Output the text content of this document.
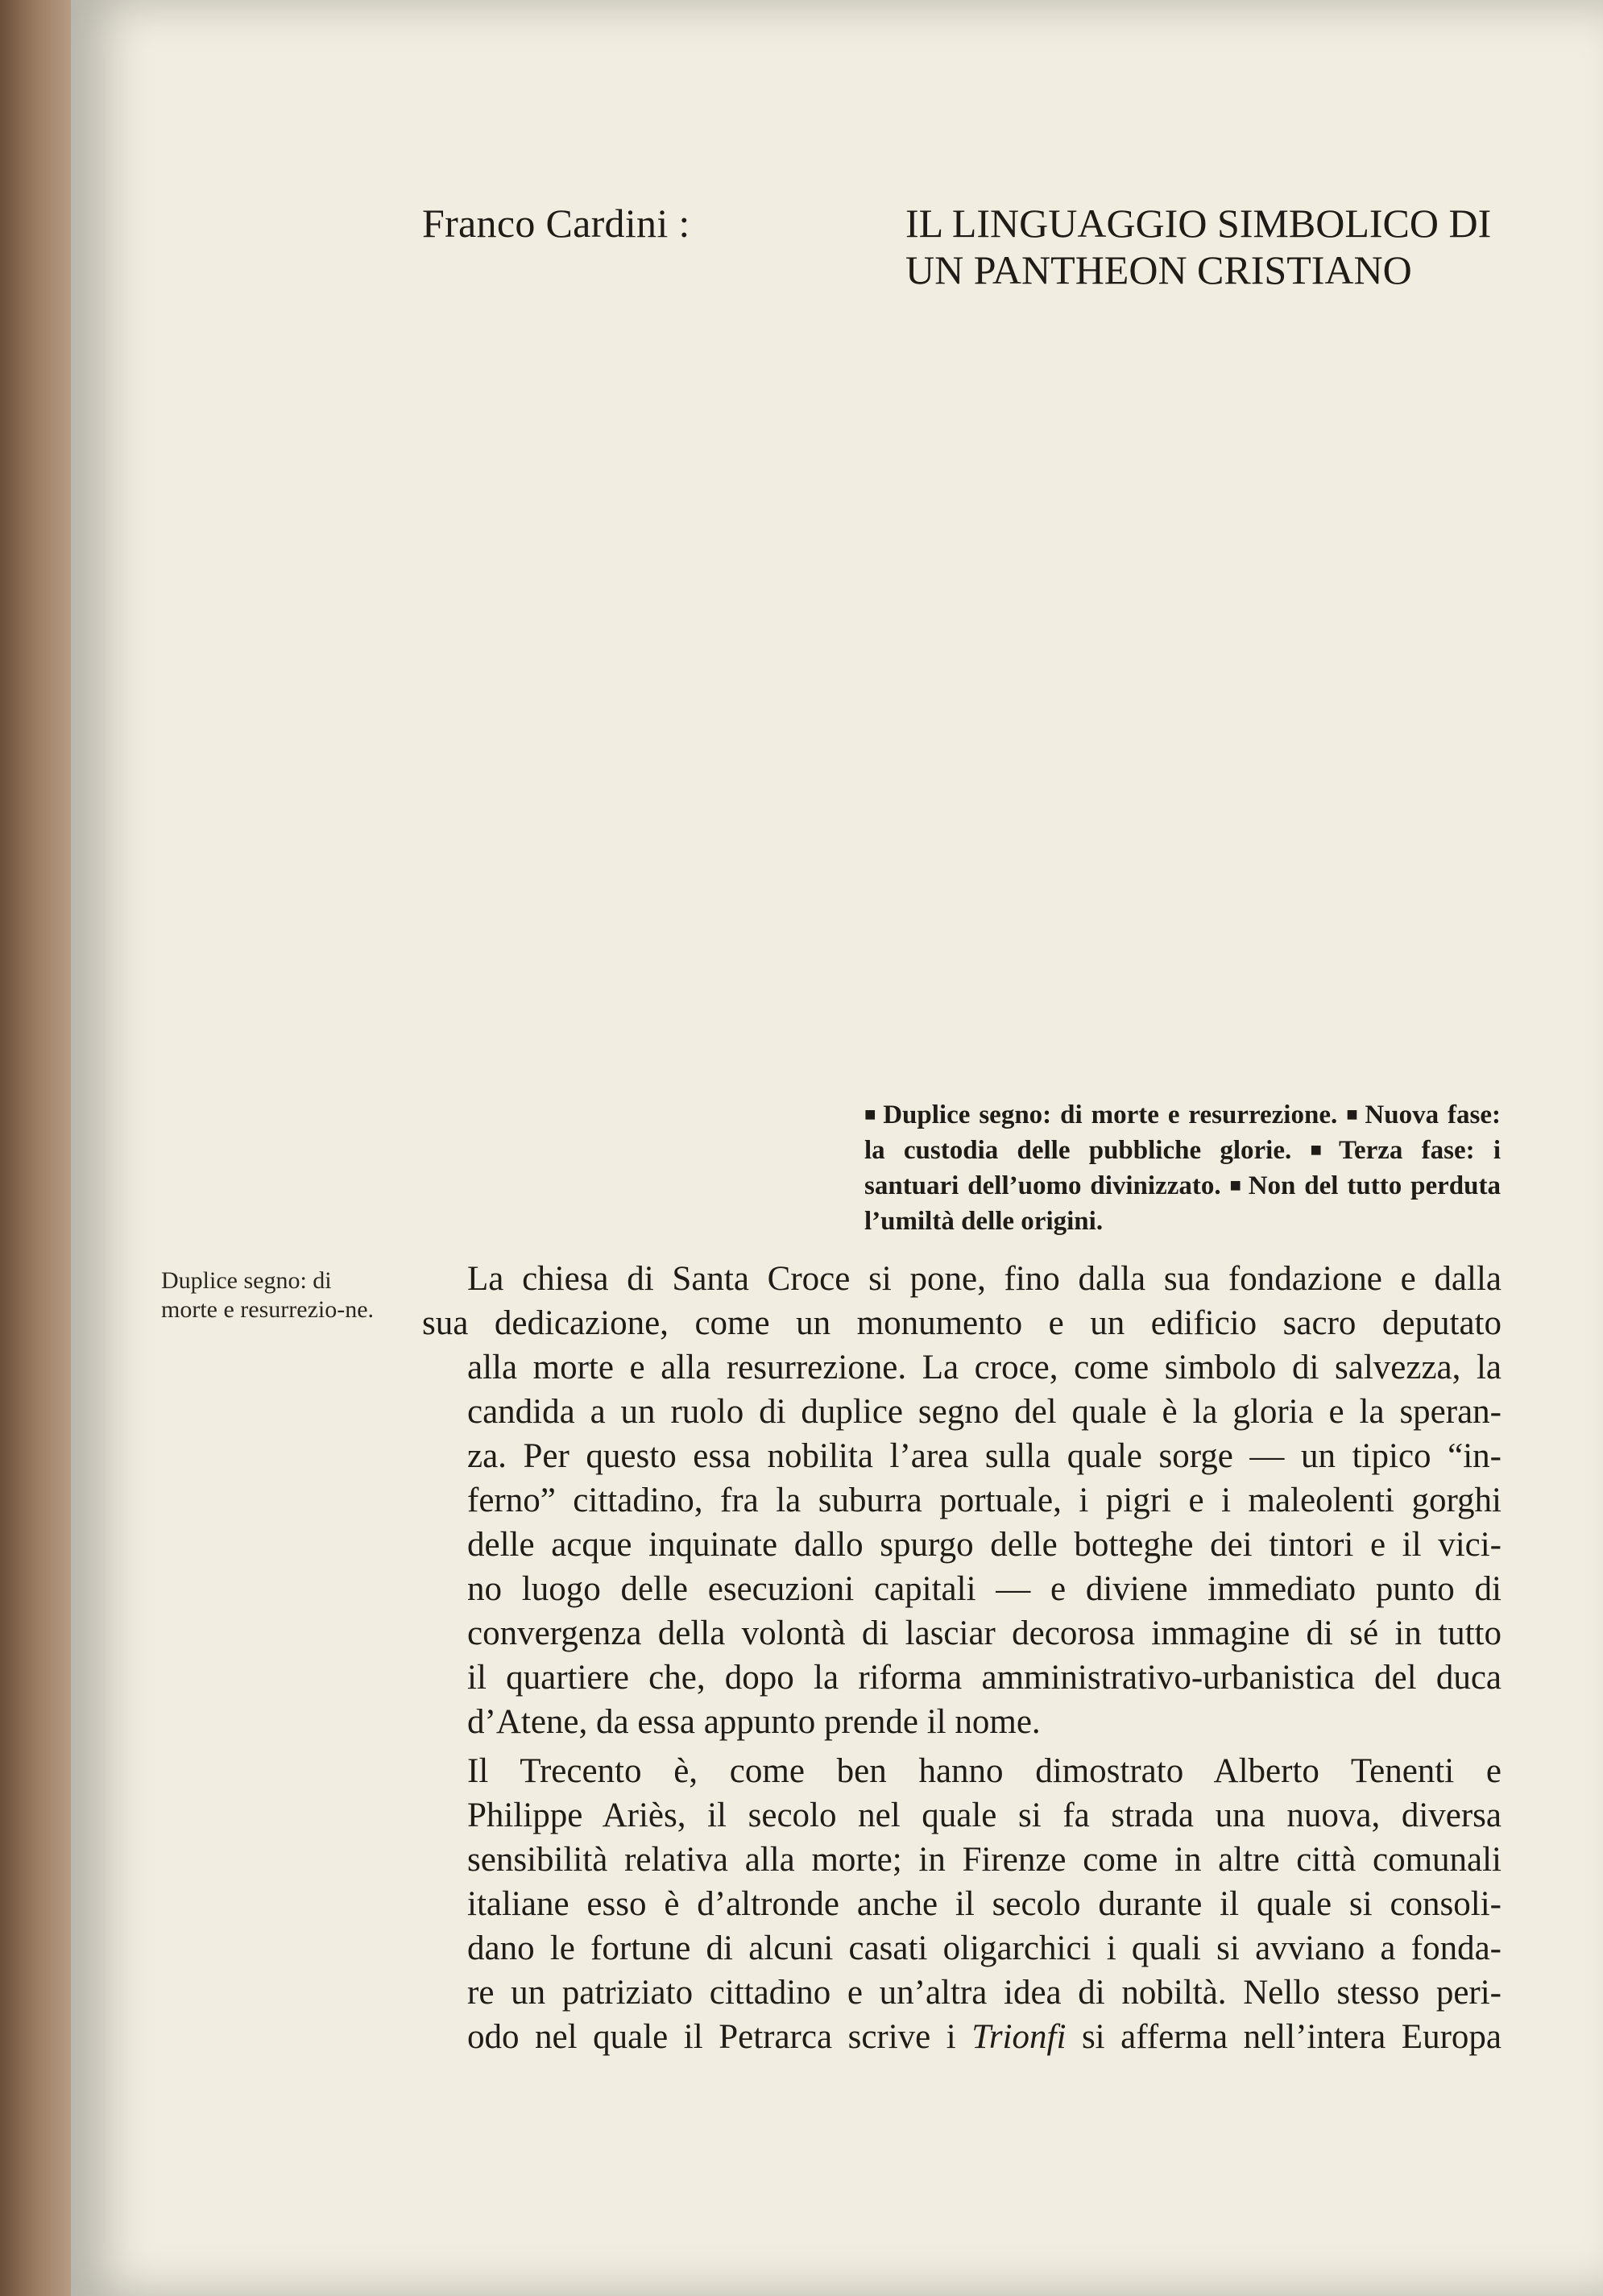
Franco Cardini :	IL LINGUAGGIO SIMBOLICO DI
UN PANTHEON CRISTIANO
■ Duplice segno: di morte e resurrezione. ■ Nuova fase: la custodia delle pubbliche glorie. ■ Terza fase: i santuari dell’uomo divinizzato. ■ Non del tutto perduta l’umiltà delle origini.
Duplice segno: di morte e resurrezio-ne.

La chiesa di Santa Croce si pone, fino dalla sua fondazione e dalla
sua dedicazione, come un monumento e un edificio sacro deputato
alla morte e alla resurrezione. La croce, come simbolo di salvezza, la
candida a un ruolo di duplice segno del quale è la gloria e la speran-
za. Per questo essa nobilita l’area sulla quale sorge — un tipico “in-
ferno” cittadino, fra la suburra portuale, i pigri e i maleolenti gorghi
delle acque inquinate dallo spurgo delle botteghe dei tintori e il vici-
no luogo delle esecuzioni capitali — e diviene immediato punto di
convergenza della volontà di lasciar decorosa immagine di sé in tutto
il quartiere che, dopo la riforma amministrativo-urbanistica del duca
d’Atene, da essa appunto prende il nome.

Il Trecento è, come ben hanno dimostrato Alberto Tenenti e
Philippe Ariès, il secolo nel quale si fa strada una nuova, diversa
sensibilità relativa alla morte; in Firenze come in altre città comunali
italiane esso è d’altronde anche il secolo durante il quale si consoli-
dano le fortune di alcuni casati oligarchici i quali si avviano a fonda-
re un patriziato cittadino e un’altra idea di nobiltà. Nello stesso peri-
odo nel quale il Petrarca scrive i Trionfi si afferma nell’intera Europa
